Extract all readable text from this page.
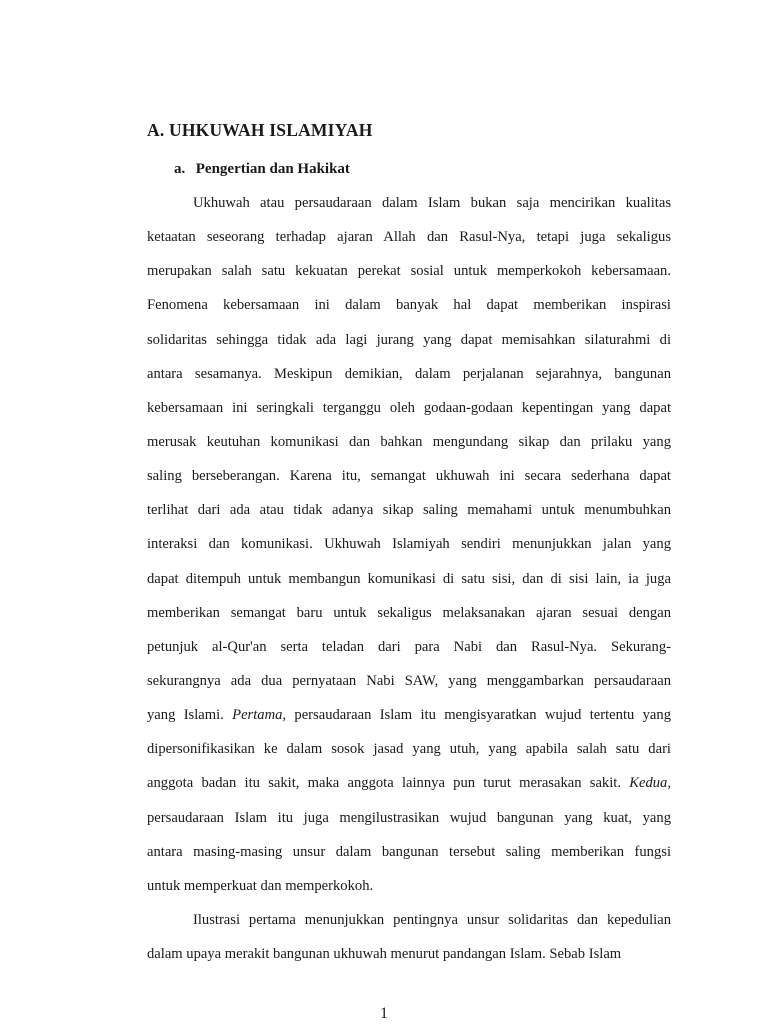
A. UHKUWAH ISLAMIYAH
a. Pengertian dan Hakikat
Ukhuwah atau persaudaraan dalam Islam bukan saja mencirikan kualitas
ketaatan seseorang terhadap ajaran Allah dan Rasul-Nya, tetapi juga sekaligus
merupakan salah satu kekuatan perekat sosial untuk memperkokoh kebersamaan.
Fenomena kebersamaan ini dalam banyak hal dapat memberikan inspirasi
solidaritas sehingga tidak ada lagi jurang yang dapat memisahkan silaturahmi di
antara sesamanya. Meskipun demikian, dalam perjalanan sejarahnya, bangunan
kebersamaan ini seringkali terganggu oleh godaan-godaan kepentingan yang dapat
merusak keutuhan komunikasi dan bahkan mengundang sikap dan prilaku yang
saling berseberangan. Karena itu, semangat ukhuwah ini secara sederhana dapat
terlihat dari ada atau tidak adanya sikap saling memahami untuk menumbuhkan
interaksi dan komunikasi. Ukhuwah Islamiyah sendiri menunjukkan jalan yang
dapat ditempuh untuk membangun komunikasi di satu sisi, dan di sisi lain, ia juga
memberikan semangat baru untuk sekaligus melaksanakan ajaran sesuai dengan
petunjuk al-Qur'an serta teladan dari para Nabi dan Rasul-Nya. Sekurang-
sekurangnya ada dua pernyataan Nabi SAW, yang menggambarkan persaudaraan
yang Islami. Pertama, persaudaraan Islam itu mengisyaratkan wujud tertentu yang
dipersonifikasikan ke dalam sosok jasad yang utuh, yang apabila salah satu dari
anggota badan itu sakit, maka anggota lainnya pun turut merasakan sakit. Kedua,
persaudaraan Islam itu juga mengilustrasikan wujud bangunan yang kuat, yang
antara masing-masing unsur dalam bangunan tersebut saling memberikan fungsi
untuk memperkuat dan memperkokoh.
Ilustrasi pertama menunjukkan pentingnya unsur solidaritas dan kepedulian
dalam upaya merakit bangunan ukhuwah menurut pandangan Islam. Sebab Islam

1
